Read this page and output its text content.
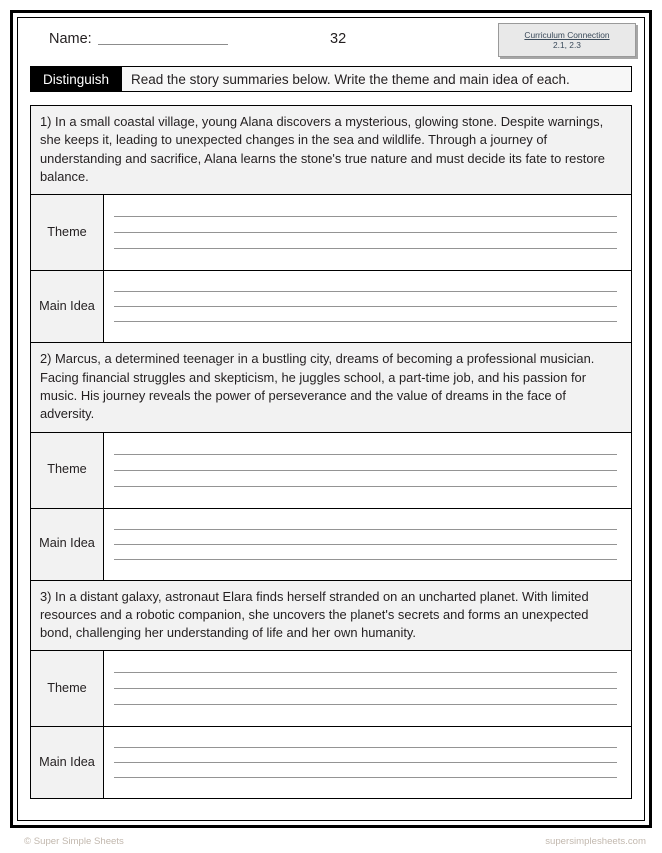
Name:	32	Curriculum Connection
2.1, 2.3
Distinguish	Read the story summaries below. Write the theme and main idea of each.
1) In a small coastal village, young Alana discovers a mysterious, glowing stone. Despite warnings, she keeps it, leading to unexpected changes in the sea and wildlife. Through a journey of understanding and sacrifice, Alana learns the stone's true nature and must decide its fate to restore balance.
Theme
Main Idea
2) Marcus, a determined teenager in a bustling city, dreams of becoming a professional musician. Facing financial struggles and skepticism, he juggles school, a part-time job, and his passion for music. His journey reveals the power of perseverance and the value of dreams in the face of adversity.
Theme
Main Idea
3) In a distant galaxy, astronaut Elara finds herself stranded on an uncharted planet. With limited resources and a robotic companion, she uncovers the planet's secrets and forms an unexpected bond, challenging her understanding of life and her own humanity.
Theme
Main Idea
© Super Simple Sheets	supersimplesheets.com
